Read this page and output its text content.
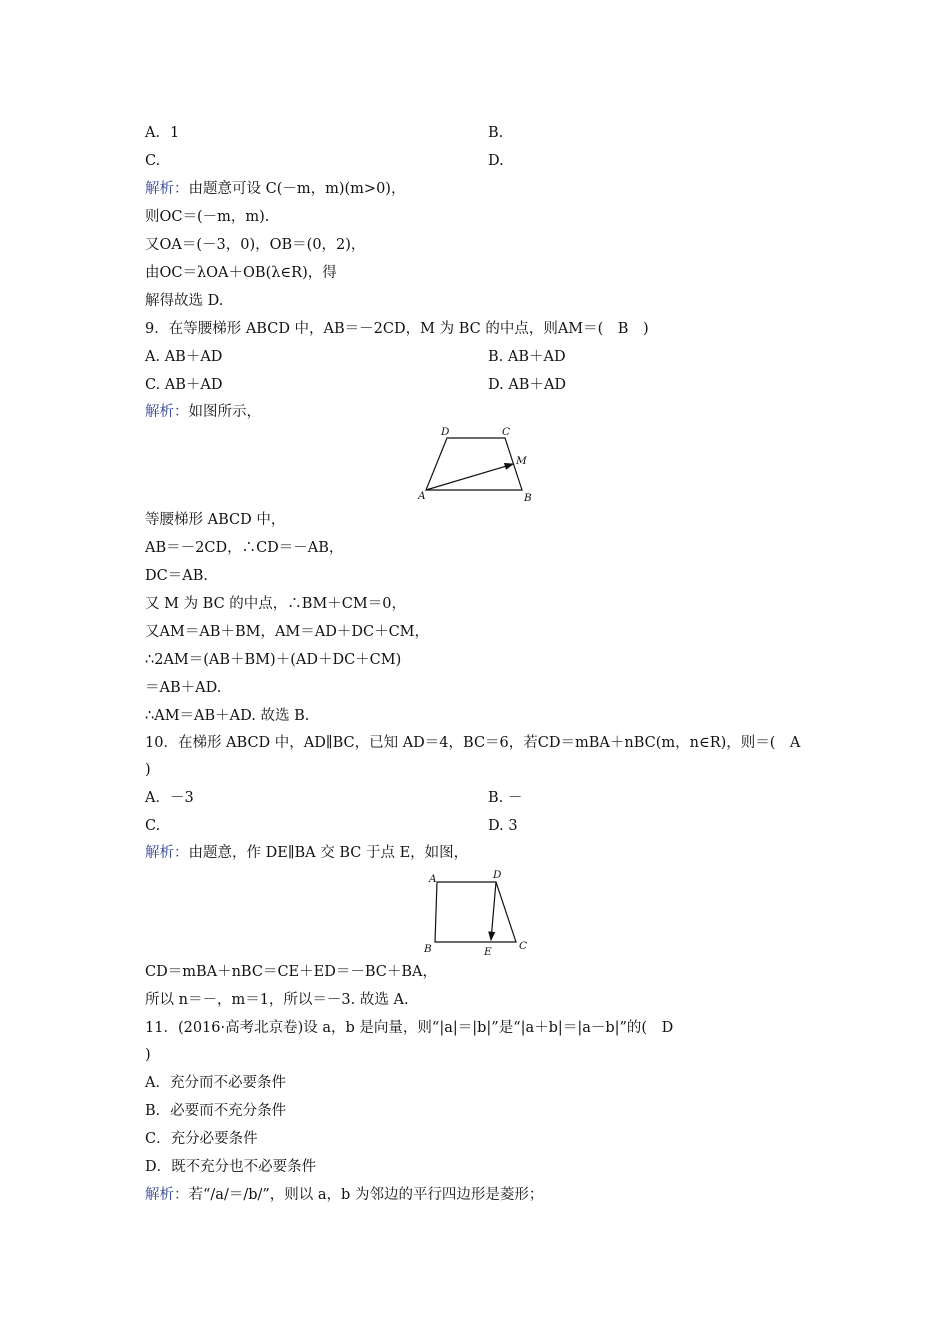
A．1	B.
C.	D.
解析：由题意可设 C(－m，m)(m>0)，
则OC＝(－m，m).
又OA＝(－3，0)，OB＝(0，2)，
由OC＝λOA＋OB(λ∈R)，得
解得故选 D.
9．在等腰梯形 ABCD 中，AB＝－2CD，M 为 BC 的中点，则AM＝(　B　)
A. AB＋AD	B. AB＋AD
C. AB＋AD	D. AB＋AD
解析：如图所示，
D	C
M
A	B
等腰梯形 ABCD 中，
AB＝－2CD，∴CD＝－AB，
DC＝AB.
又 M 为 BC 的中点，∴BM＋CM＝0，
又AM＝AB＋BM，AM＝AD＋DC＋CM，
∴2AM＝(AB＋BM)＋(AD＋DC＋CM)
＝AB＋AD.
∴AM＝AB＋AD. 故选 B.
10．在梯形 ABCD 中，AD∥BC，已知 AD＝4，BC＝6，若CD＝mBA＋nBC(m，n∈R)，则＝(　A
)
A．－3	B. －
C.	D. 3
解析：由题意，作 DE∥BA 交 BC 于点 E，如图，
A	D
B	E	C
CD＝mBA＋nBC＝CE＋ED＝－BC＋BA，
所以 n＝－，m＝1，所以＝－3. 故选 A.
11．(2016·高考北京卷)设 a，b 是向量，则“|a|＝|b|”是“|a＋b|＝|a－b|”的(　D
)
A．充分而不必要条件
B．必要而不充分条件
C．充分必要条件
D．既不充分也不必要条件
解析：若“/a/＝/b/”，则以 a，b 为邻边的平行四边形是菱形；
